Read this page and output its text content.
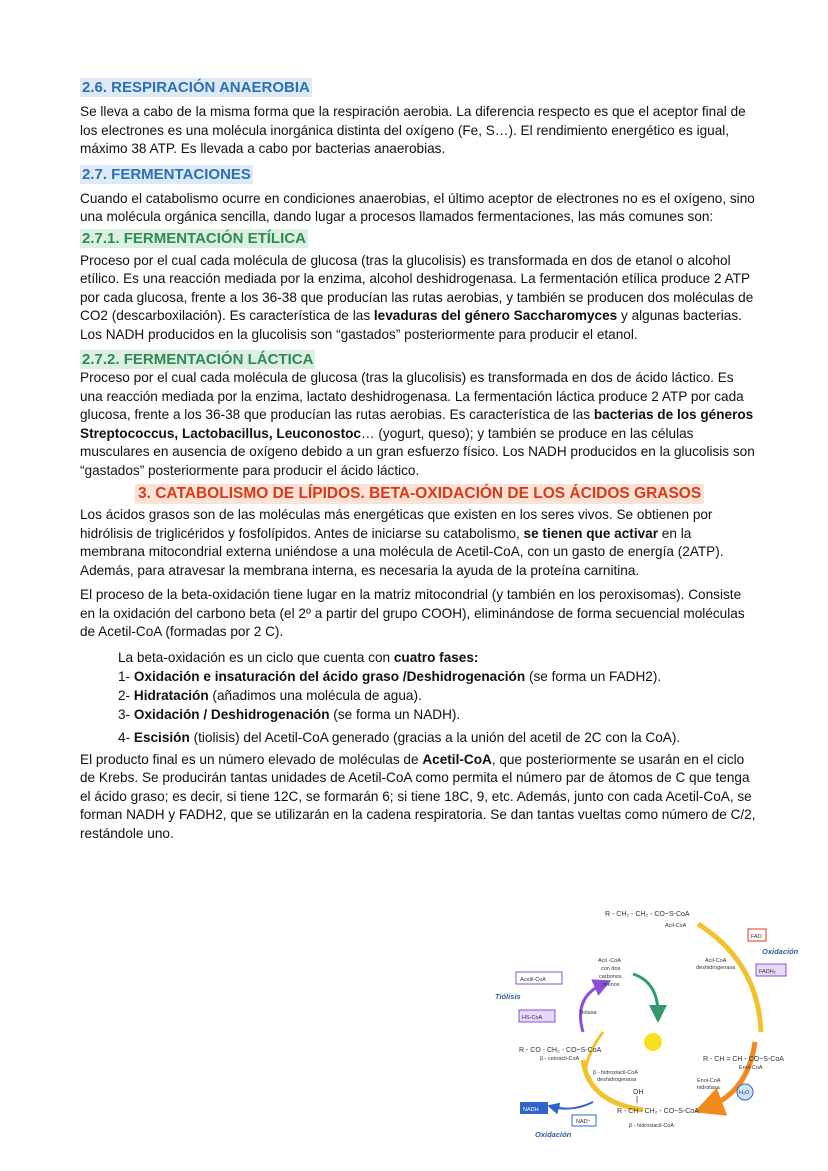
2.6. RESPIRACIÓN ANAEROBIA

Se lleva a cabo de la misma forma que la respiración aerobia. La diferencia respecto es que el aceptor final de los electrones es una molécula inorgánica distinta del oxígeno (Fe, S…). El rendimiento energético es igual, máximo 38 ATP. Es llevada a cabo por bacterias anaerobias.

2.7. FERMENTACIONES

Cuando el catabolismo ocurre en condiciones anaerobias, el último aceptor de electrones no es el oxígeno, sino una molécula orgánica sencilla, dando lugar a procesos llamados fermentaciones, las más comunes son:

2.7.1. FERMENTACIÓN ETÍLICA

Proceso por el cual cada molécula de glucosa (tras la glucolisis) es transformada en dos de etanol o alcohol etílico. Es una reacción mediada por la enzima, alcohol deshidrogenasa. La fermentación etílica produce 2 ATP por cada glucosa, frente a los 36-38 que producían las rutas aerobias, y también se producen dos moléculas de CO2 (descarboxilación). Es característica de las levaduras del género Saccharomyces y algunas bacterias. Los NADH producidos en la glucolisis son “gastados” posteriormente para producir el etanol.

2.7.2. FERMENTACIÓN LÁCTICA

Proceso por el cual cada molécula de glucosa (tras la glucolisis) es transformada en dos de ácido láctico. Es una reacción mediada por la enzima, lactato deshidrogenasa. La fermentación láctica produce 2 ATP por cada glucosa, frente a los 36-38 que producían las rutas aerobias. Es característica de las bacterias de los géneros Streptococcus, Lactobacillus, Leuconostoc… (yogurt, queso); y también se produce en las células musculares en ausencia de oxígeno debido a un gran esfuerzo físico. Los NADH producidos en la glucolisis son “gastados” posteriormente para producir el ácido láctico.

3. CATABOLISMO DE LÍPIDOS. BETA-OXIDACIÓN DE LOS ÁCIDOS GRASOS

Los ácidos grasos son de las moléculas más energéticas que existen en los seres vivos. Se obtienen por hidrólisis de triglicéridos y fosfolípidos. Antes de iniciarse su catabolismo, se tienen que activar en la membrana mitocondrial externa uniéndose a una molécula de Acetil-CoA, con un gasto de energía (2ATP). Además, para atravesar la membrana interna, es necesaria la ayuda de la proteína carnitina.

El proceso de la beta-oxidación tiene lugar en la matriz mitocondrial (y también en los peroxisomas). Consiste en la oxidación del carbono beta (el 2º a partir del grupo COOH), eliminándose de forma secuencial moléculas de Acetil-CoA (formadas por 2 C).

La beta-oxidación es un ciclo que cuenta con cuatro fases:
1- Oxidación e insaturación del ácido graso /Deshidrogenación (se forma un FADH2).
2- Hidratación (añadimos una molécula de agua).
3- Oxidación / Deshidrogenación (se forma un NADH).
4- Escisión (tiolisis) del Acetil-CoA generado (gracias a la unión del acetil de 2C con la CoA).

El producto final es un número elevado de moléculas de Acetil-CoA, que posteriormente se usarán en el ciclo de Krebs. Se producirán tantas unidades de Acetil-CoA como permita el número par de átomos de C que tenga el ácido graso; es decir, si tiene 12C, se formarán 6; si tiene 18C, 9, etc. Además, junto con cada Acetil-CoA, se forman NADH y FADH2, que se utilizarán en la cadena respiratoria. Se dan tantas vueltas como número de C/2, restándole uno.

R - CH₂ - CH₂ - CO~S-CoA
Acil-CoA
Acil -CoA
con dos
carbonos
menos
Acetil-CoA
Tiólisis
HS-CoA
Tiolasa
FAD
Oxidación
FADH₂
Acil-CoA
deshidrogenasa
R - CO - CH₂ - CO~S-CoA
β - cetoacil-CoA	R - CH = CH - CO~S-CoA
Enol-CoA
β - hidroxiacil-CoA
deshidrogenasa	Enol-CoA
hidratasa
H₂O
OH
R - CH - CH₂ - CO~S-CoA
β - hidroxiacil-CoA
NADH +H⁺
NAD⁺
Oxidación
